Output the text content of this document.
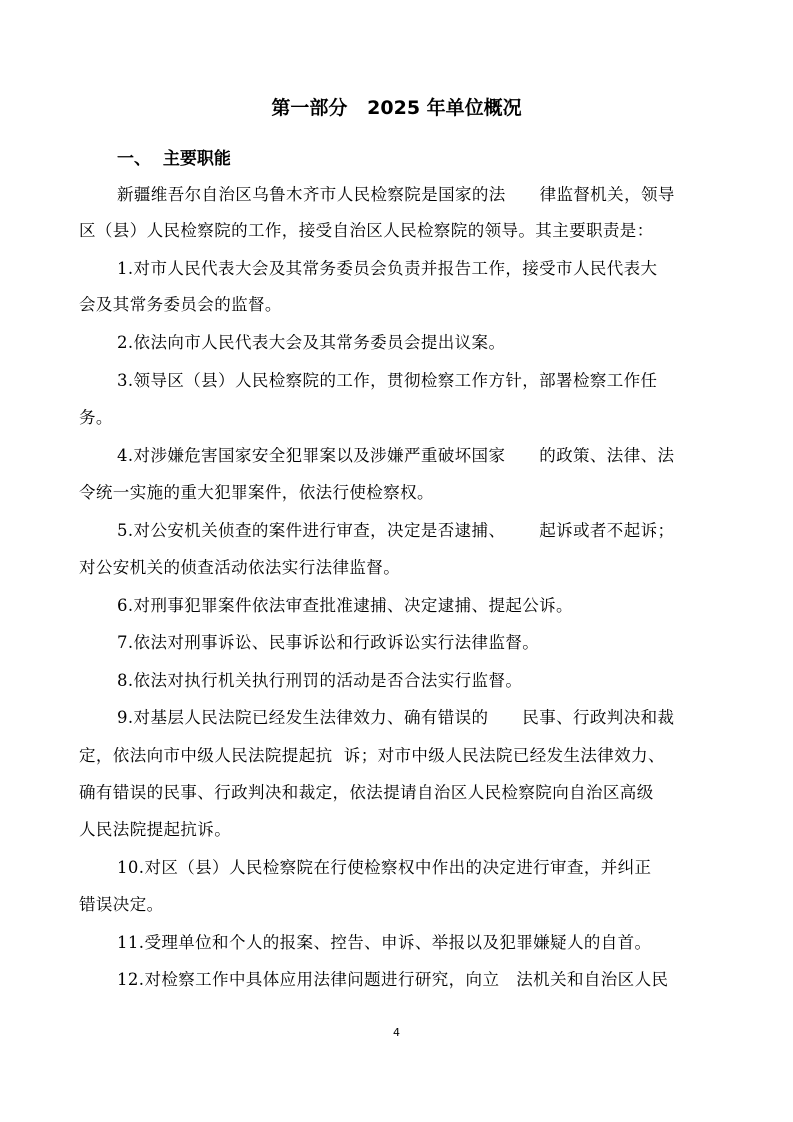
第一部分   2025 年单位概况
一、  主要职能
新疆维吾尔自治区乌鲁木齐市人民检察院是国家的法      律监督机关，领导
区（县）人民检察院的工作，接受自治区人民检察院的领导。其主要职责是：
1.对市人民代表大会及其常务委员会负责并报告工作，接受市人民代表大
会及其常务委员会的监督。
2.依法向市人民代表大会及其常务委员会提出议案。
3.领导区（县）人民检察院的工作，贯彻检察工作方针，部署检察工作任
务。
4.对涉嫌危害国家安全犯罪案以及涉嫌严重破坏国家      的政策、法律、法
令统一实施的重大犯罪案件，依法行使检察权。
5.对公安机关侦查的案件进行审查，决定是否逮捕、      起诉或者不起诉；
对公安机关的侦查活动依法实行法律监督。
6.对刑事犯罪案件依法审查批准逮捕、决定逮捕、提起公诉。
7.依法对刑事诉讼、民事诉讼和行政诉讼实行法律监督。
8.依法对执行机关执行刑罚的活动是否合法实行监督。
9.对基层人民法院已经发生法律效力、确有错误的      民事、行政判决和裁
定，依法向市中级人民法院提起抗  诉；对市中级人民法院已经发生法律效力、
确有错误的民事、行政判决和裁定，依法提请自治区人民检察院向自治区高级
人民法院提起抗诉。
10.对区（县）人民检察院在行使检察权中作出的决定进行审查，并纠正
错误决定。
11.受理单位和个人的报案、控告、申诉、举报以及犯罪嫌疑人的自首。
12.对检察工作中具体应用法律问题进行研究，向立   法机关和自治区人民
4
